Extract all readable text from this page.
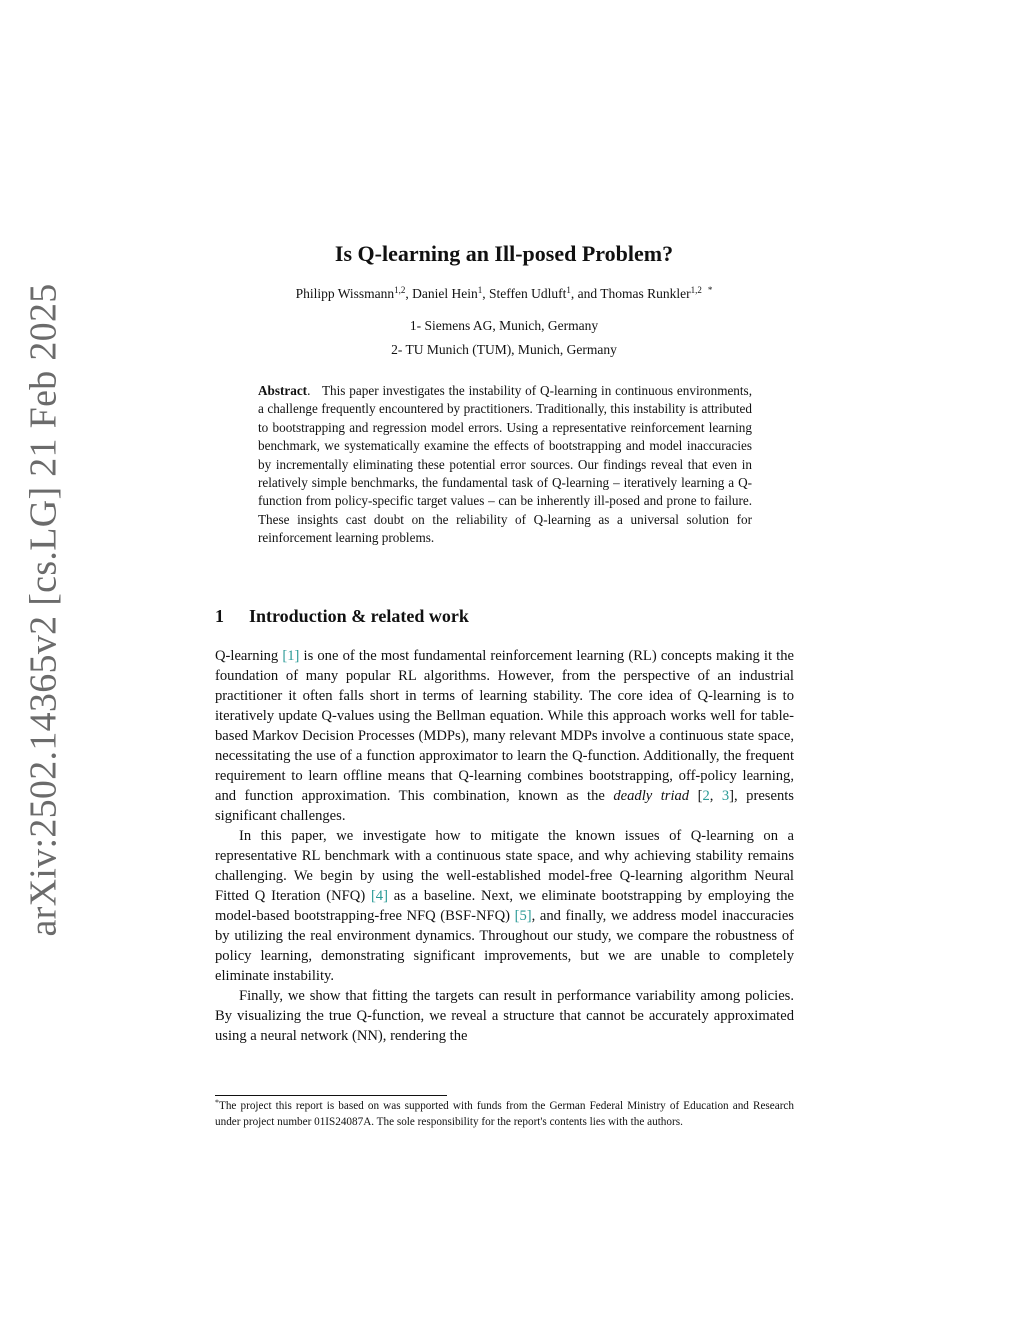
arXiv:2502.14365v2 [cs.LG] 21 Feb 2025
Is Q-learning an Ill-posed Problem?
Philipp Wissmann$^{1,2}$, Daniel Hein$^1$, Steffen Udluft$^1$, and Thomas Runkler$^{1,2}$ *
1- Siemens AG, Munich, Germany
2- TU Munich (TUM), Munich, Germany

Abstract.   This paper investigates the instability of Q-learning in continuous environments, a challenge frequently encountered by practitioners. Traditionally, this instability is attributed to bootstrapping and regression model errors. Using a representative reinforcement learning benchmark, we systematically examine the effects of bootstrapping and model inaccuracies by incrementally eliminating these potential error sources. Our findings reveal that even in relatively simple benchmarks, the fundamental task of Q-learning – iteratively learning a Q-function from policy-specific target values – can be inherently ill-posed and prone to failure. These insights cast doubt on the reliability of Q-learning as a universal solution for reinforcement learning problems.

1 Introduction & related work

Q-learning [1] is one of the most fundamental reinforcement learning (RL) concepts making it the foundation of many popular RL algorithms. However, from the perspective of an industrial practitioner it often falls short in terms of learning stability. The core idea of Q-learning is to iteratively update Q-values using the Bellman equation. While this approach works well for table-based Markov Decision Processes (MDPs), many relevant MDPs involve a continuous state space, necessitating the use of a function approximator to learn the Q-function. Additionally, the frequent requirement to learn offline means that Q-learning combines bootstrapping, off-policy learning, and function approximation. This combination, known as the deadly triad [2, 3], presents significant challenges.

In this paper, we investigate how to mitigate the known issues of Q-learning on a representative RL benchmark with a continuous state space, and why achieving stability remains challenging. We begin by using the well-established model-free Q-learning algorithm Neural Fitted Q Iteration (NFQ) [4] as a baseline. Next, we eliminate bootstrapping by employing the model-based bootstrapping-free NFQ (BSF-NFQ) [5], and finally, we address model inaccuracies by utilizing the real environment dynamics. Throughout our study, we compare the robustness of policy learning, demonstrating significant improvements, but we are unable to completely eliminate instability.

Finally, we show that fitting the targets can result in performance variability among policies. By visualizing the true Q-function, we reveal a structure that cannot be accurately approximated using a neural network (NN), rendering the

*The project this report is based on was supported with funds from the German Federal Ministry of Education and Research under project number 01IS24087A. The sole responsibility for the report's contents lies with the authors.
